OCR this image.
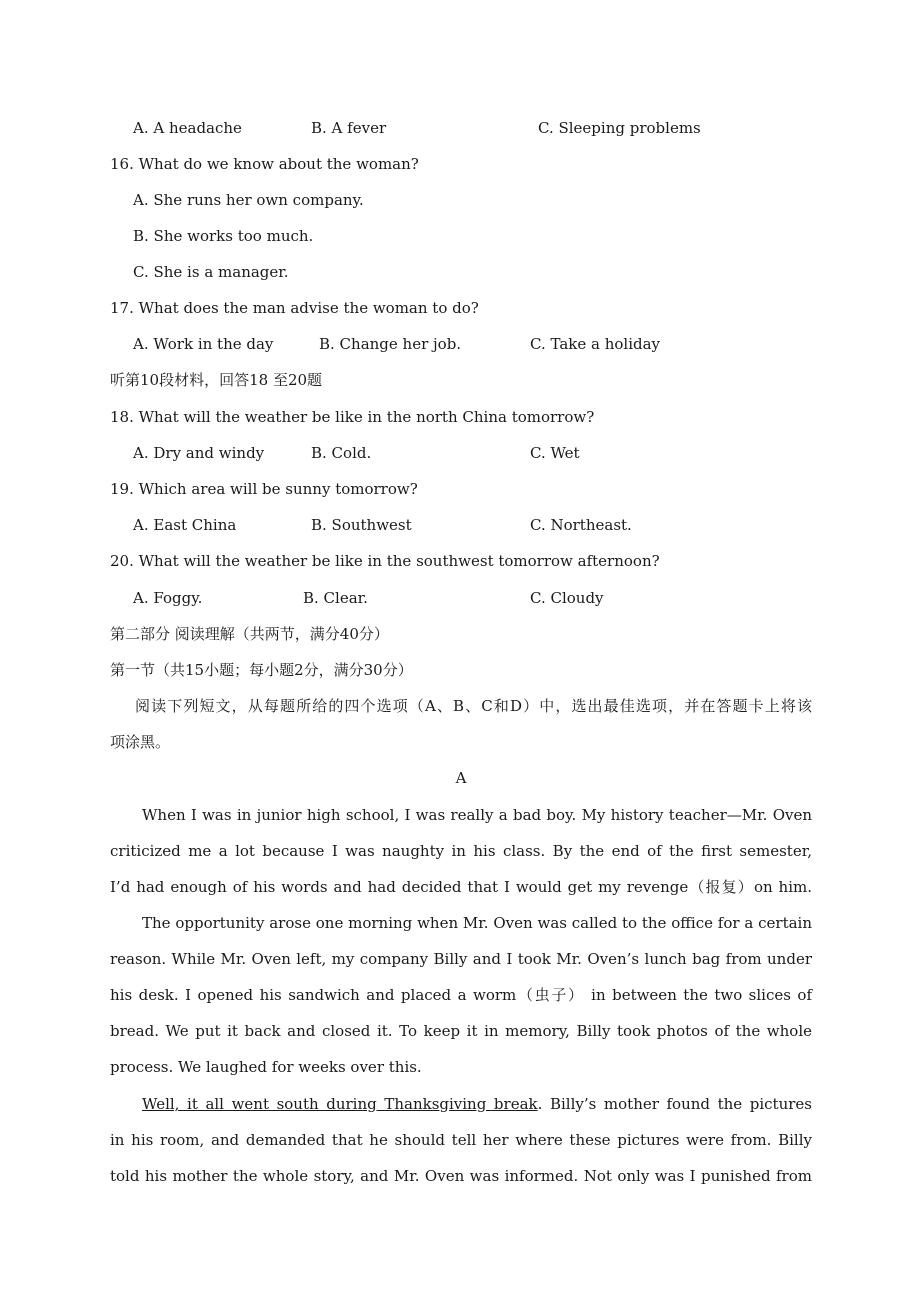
A. A headache	B. A fever	C. Sleeping problems
16. What do we know about the woman?
A. She runs her own company.
B. She works too much.
C. She is a manager.
17. What does the man advise the woman to do?
A. Work in the day	B. Change her job.	C. Take a holiday
听第10段材料，回答18 至20题
18. What will the weather be like in the north China tomorrow?
A. Dry and windy	B. Cold.	C. Wet
19. Which area will be sunny tomorrow?
A. East China	B. Southwest	C. Northeast.
20. What will the weather be like in the southwest tomorrow afternoon?
A. Foggy.	B. Clear.	C. Cloudy
第二部分 阅读理解（共两节，满分40分）
第一节（共15小题；每小题2分，满分30分）
阅读下列短文，从每题所给的四个选项（A、B、C和D）中，选出最佳选项，并在答题卡上将该
项涂黑。
A
When I was in junior high school, I was really a bad boy. My history teacher—Mr. Oven
criticized me a lot because I was naughty in his class. By the end of the first semester,
I’d had enough of his words and had decided that I would get my revenge（报复）on him.
The opportunity arose one morning when Mr. Oven was called to the office for a certain
reason. While Mr. Oven left, my company Billy and I took Mr. Oven’s lunch bag from under
his desk. I opened his sandwich and placed a worm（虫子） in between the two slices of
bread. We put it back and closed it. To keep it in memory, Billy took photos of the whole
process. We laughed for weeks over this.
Well, it all went south during Thanksgiving break. Billy’s mother found the pictures
in his room, and demanded that he should tell her where these pictures were from. Billy
told his mother the whole story, and Mr. Oven was informed. Not only was I punished from
